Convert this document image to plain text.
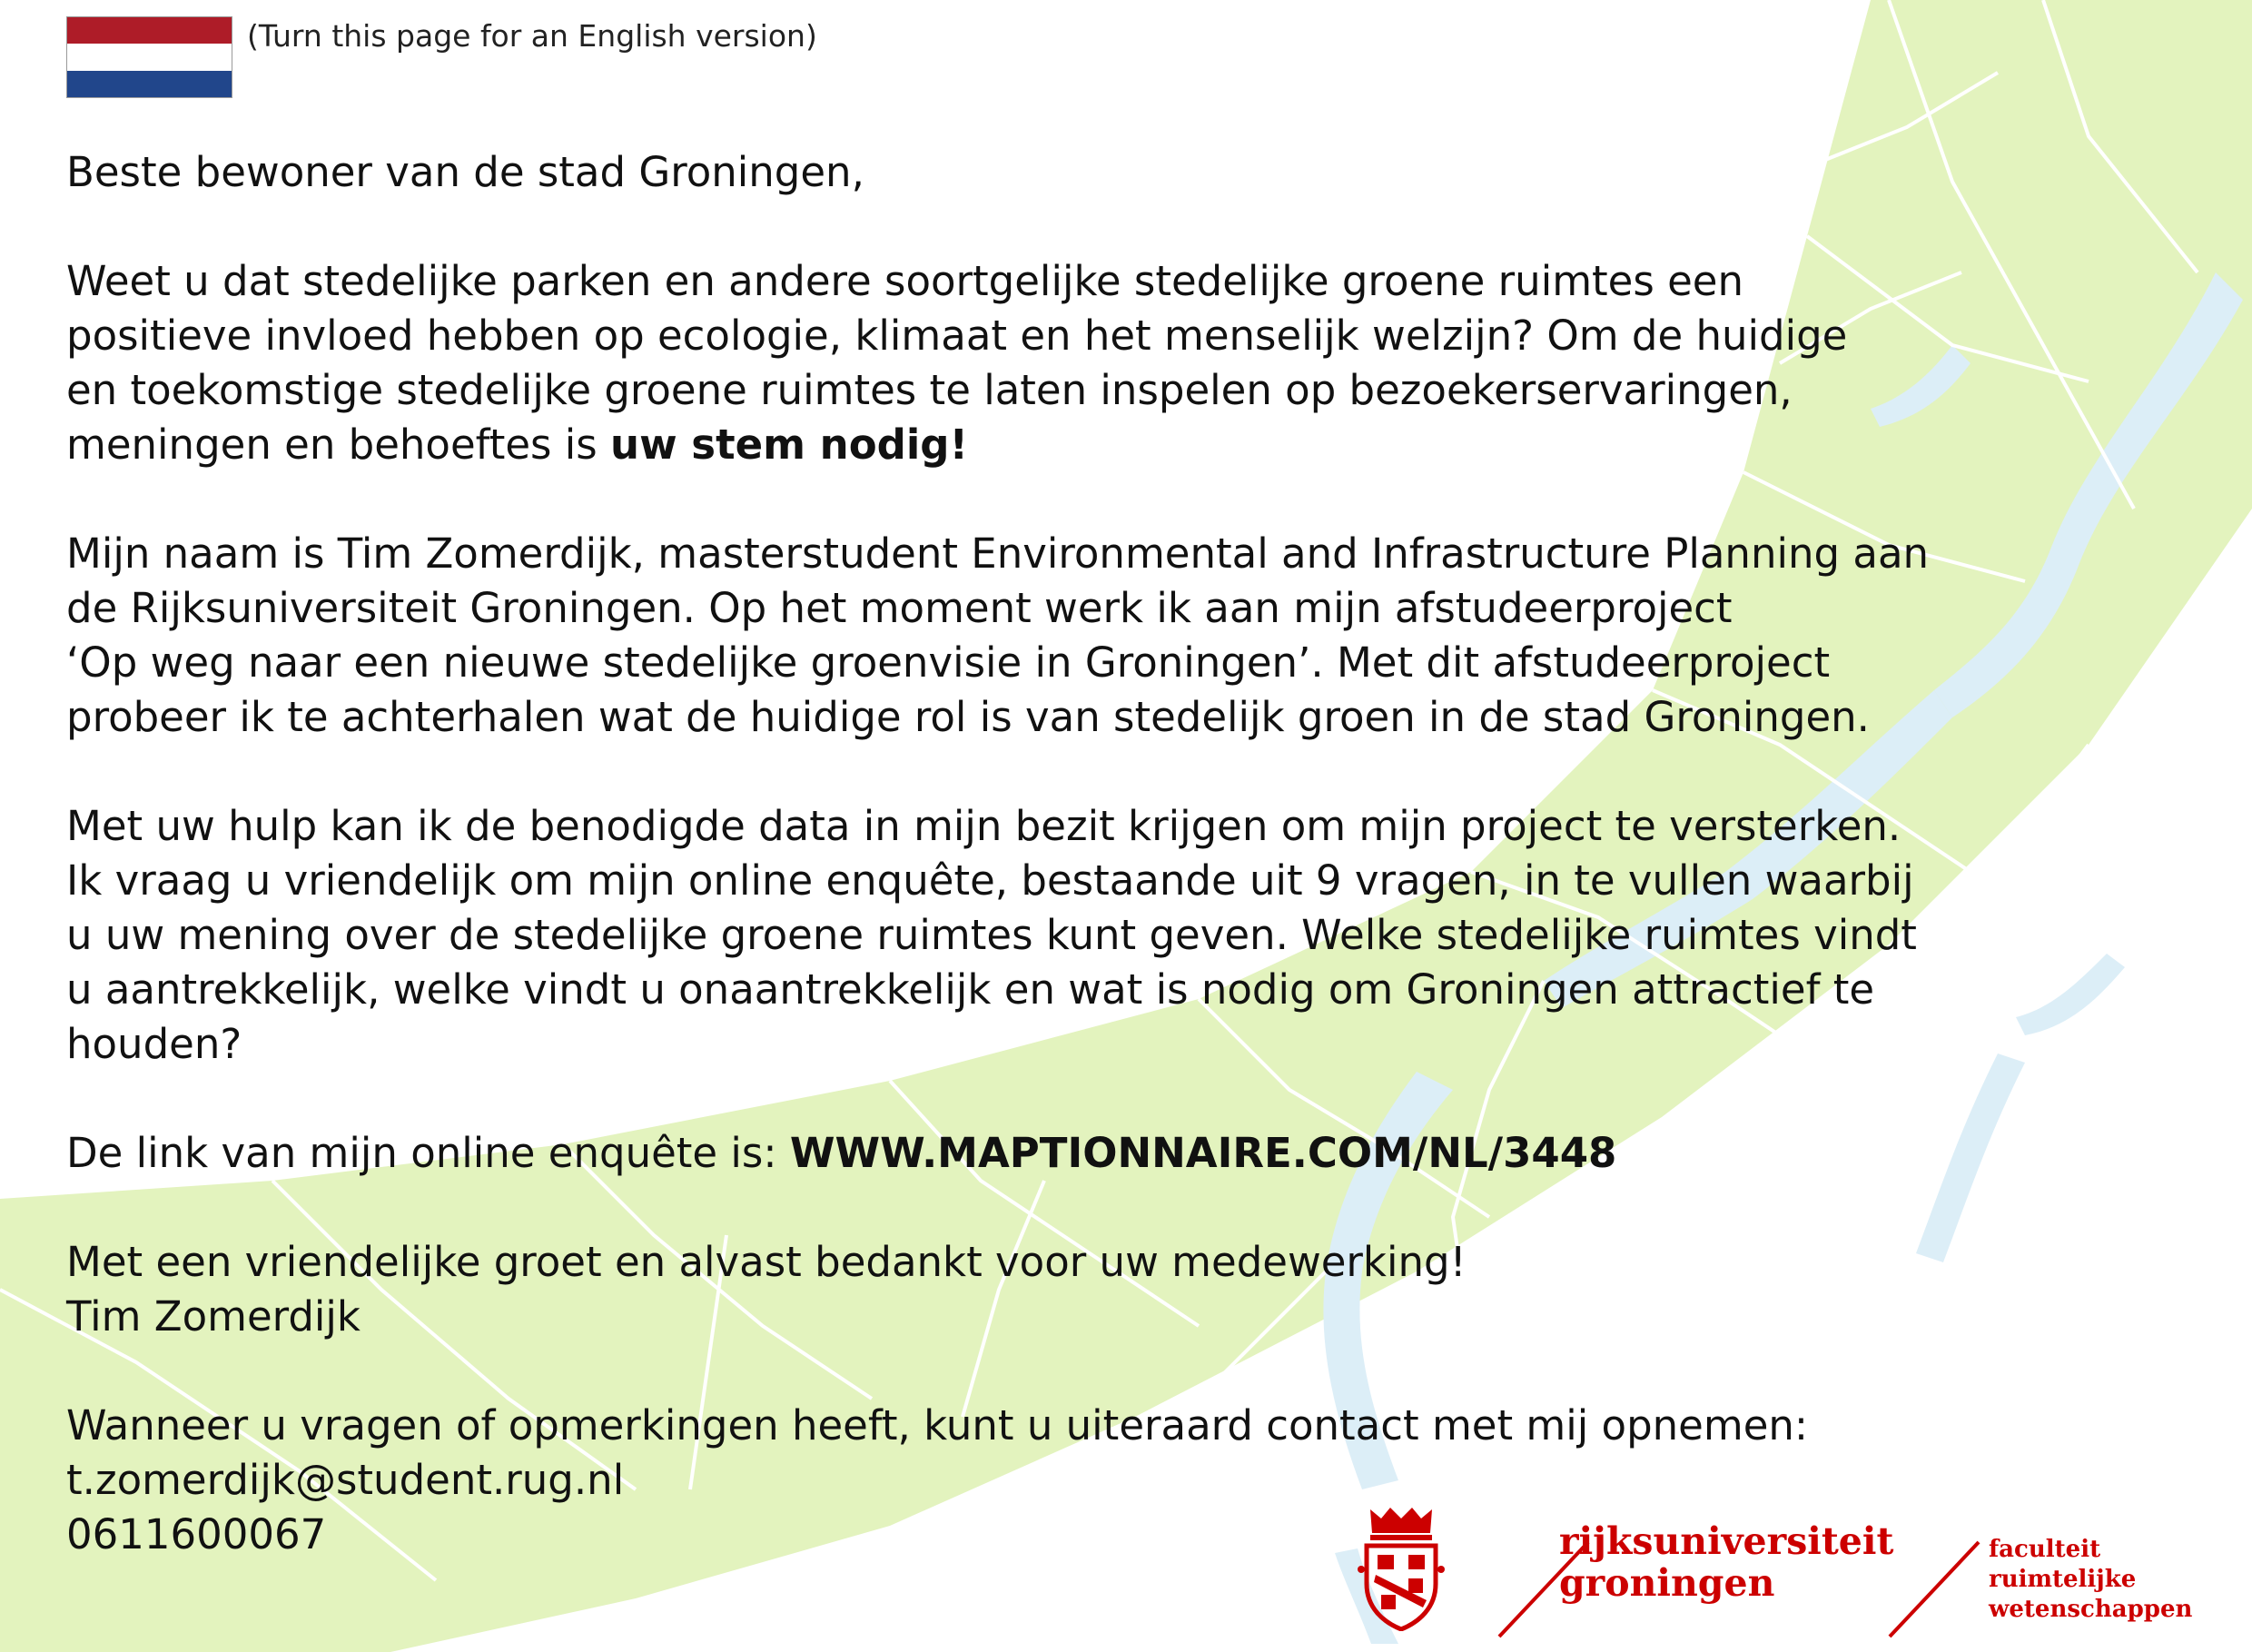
(Turn this page for an English version)

Beste bewoner van de stad Groningen,

Weet u dat stedelijke parken en andere soortgelijke stedelijke groene ruimtes een
positieve invloed hebben op ecologie, klimaat en het menselijk welzijn? Om de huidige
en toekomstige stedelijke groene ruimtes te laten inspelen op bezoekerservaringen,
meningen en behoeftes is uw stem nodig!

Mijn naam is Tim Zomerdijk, masterstudent Environmental and Infrastructure Planning aan
de Rijksuniversiteit Groningen. Op het moment werk ik aan mijn afstudeerproject
‘Op weg naar een nieuwe stedelijke groenvisie in Groningen’. Met dit afstudeerproject
probeer ik te achterhalen wat de huidige rol is van stedelijk groen in de stad Groningen.

Met uw hulp kan ik de benodigde data in mijn bezit krijgen om mijn project te versterken.
Ik vraag u vriendelijk om mijn online enquête, bestaande uit 9 vragen, in te vullen waarbij
u uw mening over de stedelijke groene ruimtes kunt geven. Welke stedelijke ruimtes vindt
u aantrekkelijk, welke vindt u onaantrekkelijk en wat is nodig om Groningen attractief te
houden?

De link van mijn online enquête is: WWW.MAPTIONNAIRE.COM/NL/3448

Met een vriendelijke groet en alvast bedankt voor uw medewerking!
Tim Zomerdijk

Wanneer u vragen of opmerkingen heeft, kunt u uiteraard contact met mij opnemen:
t.zomerdijk@student.rug.nl
0611600067	rijksuniversiteit
groningen
faculteit ruimtelijke
wetenschappen
